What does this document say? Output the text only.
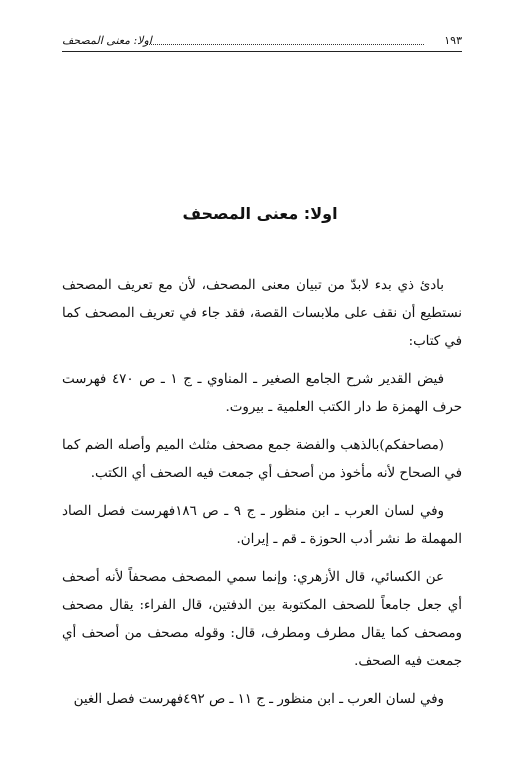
١٩٣
اولا: معنى المصحف
اولا: معنى المصحف

بادئ ذي بدء لابدّ من تبيان معنى المصحف، لأن مع تعريف المصحف نستطيع أن نقف على ملابسات القصة، فقد جاء في تعريف المصحف كما في كتاب:

فيض القدير شرح الجامع الصغير ـ المناوي ـ ج ١ ـ ص ٤٧٠ فهرست حرف الهمزة ط دار الكتب العلمية ـ بيروت.

(مصاحفكم)بالذهب والفضة جمع مصحف مثلث الميم وأصله الضم كما في الصحاح لأنه مأخوذ من أصحف أي جمعت فيه الصحف أي الكتب.

وفي لسان العرب ـ ابن منظور ـ ج ٩ ـ ص ١٨٦فهرست فصل الصاد المهملة ط نشر أدب الحوزة ـ قم ـ إيران.

عن الكسائي، قال الأزهري: وإنما سمي المصحف مصحفاً لأنه أصحف أي جعل جامعاً للصحف المكتوبة بين الدفتين، قال الفراء: يقال مصحف ومصحف كما يقال مطرف ومطرف، قال: وقوله مصحف من أصحف أي جمعت فيه الصحف.

وفي لسان العرب ـ ابن منظور ـ ج ١١ ـ ص ٤٩٢فهرست فصل الغين
